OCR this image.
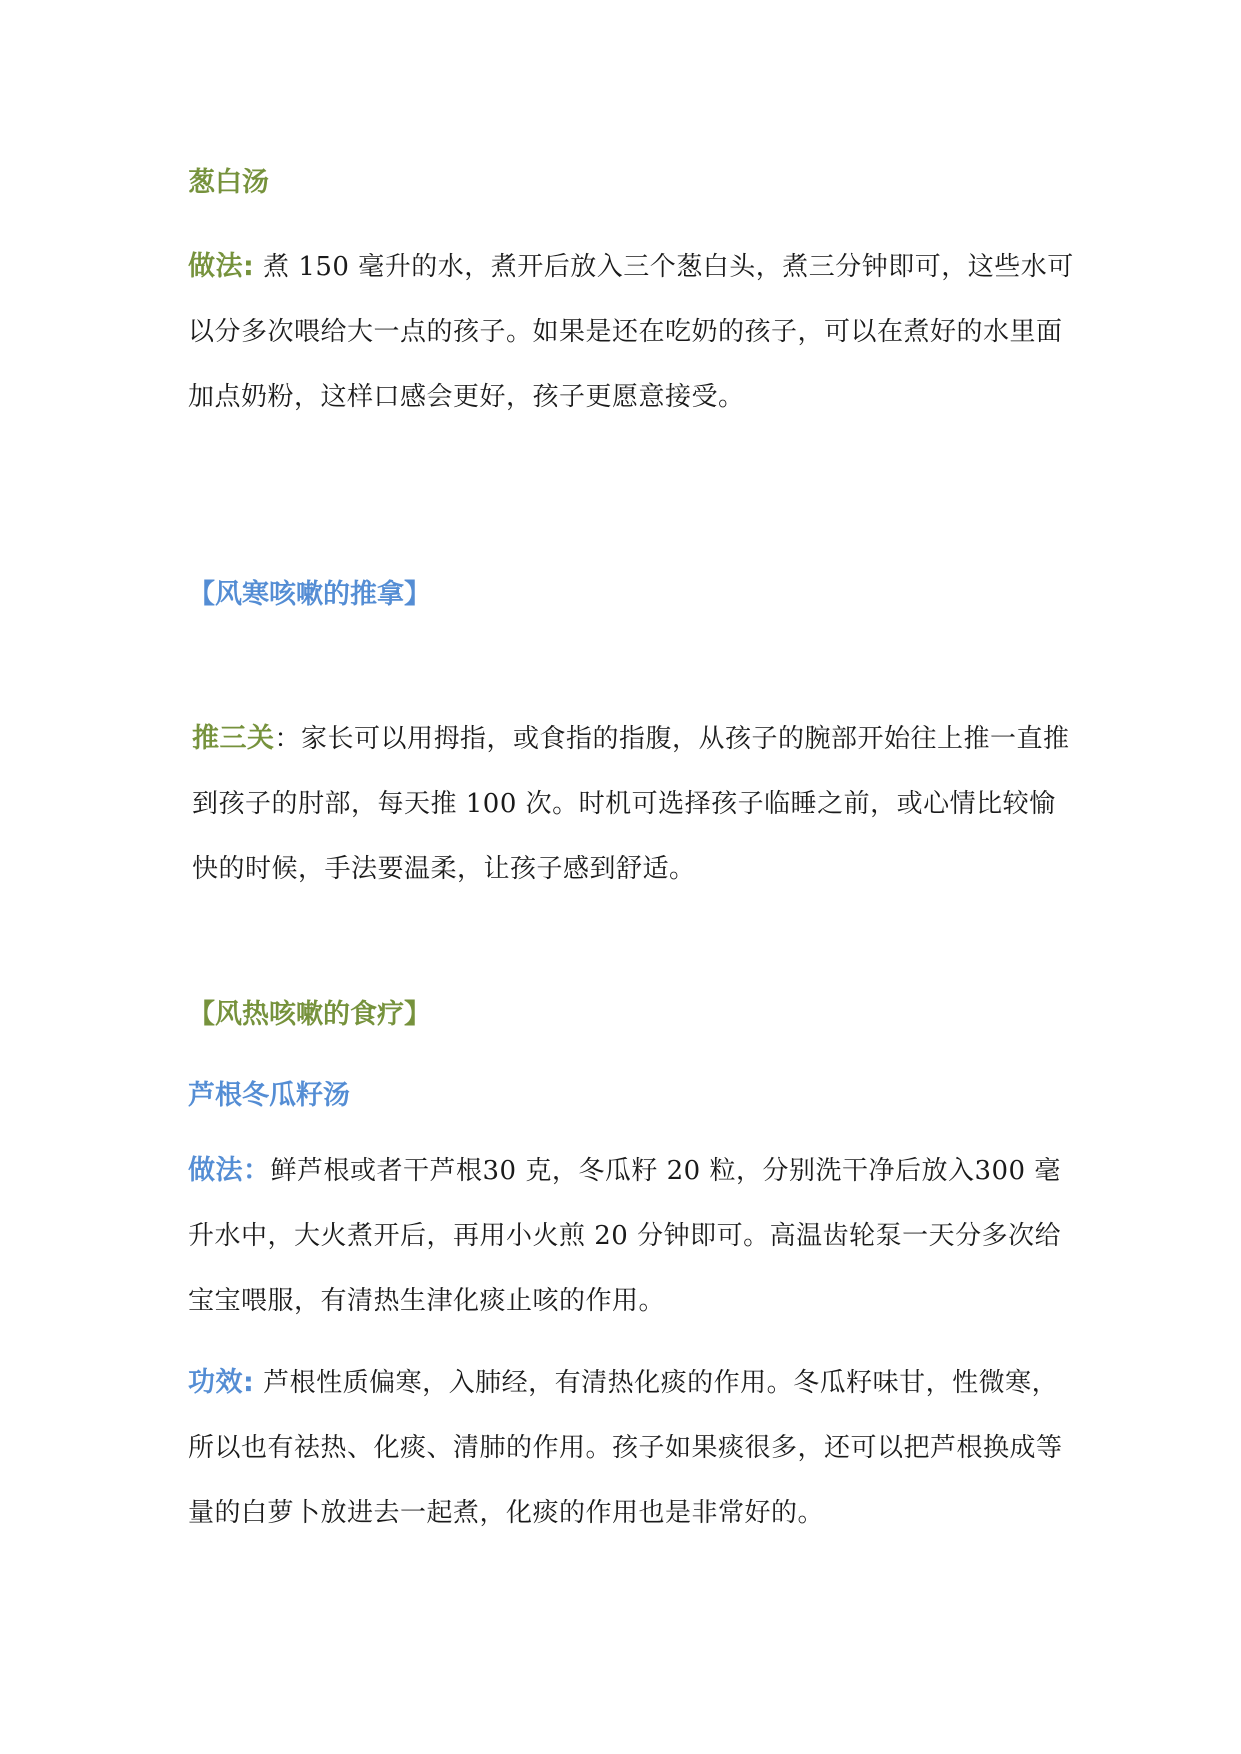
葱白汤
做法: 煮 150 毫升的水，煮开后放入三个葱白头，煮三分钟即可，这些水可以分多次喂给大一点的孩子。如果是还在吃奶的孩子，可以在煮好的水里面加点奶粉，这样口感会更好，孩子更愿意接受。
【风寒咳嗽的推拿】
推三关：家长可以用拇指，或食指的指腹，从孩子的腕部开始往上推一直推到孩子的肘部，每天推 100 次。时机可选择孩子临睡之前，或心情比较愉快的时候，手法要温柔，让孩子感到舒适。
【风热咳嗽的食疗】
芦根冬瓜籽汤
做法：鲜芦根或者干芦根30 克，冬瓜籽 20 粒，分别洗干净后放入300 毫升水中，大火煮开后，再用小火煎 20 分钟即可。高温齿轮泵一天分多次给宝宝喂服，有清热生津化痰止咳的作用。
功效: 芦根性质偏寒，入肺经，有清热化痰的作用。冬瓜籽味甘，性微寒，所以也有祛热、化痰、清肺的作用。孩子如果痰很多，还可以把芦根换成等量的白萝卜放进去一起煮，化痰的作用也是非常好的。
